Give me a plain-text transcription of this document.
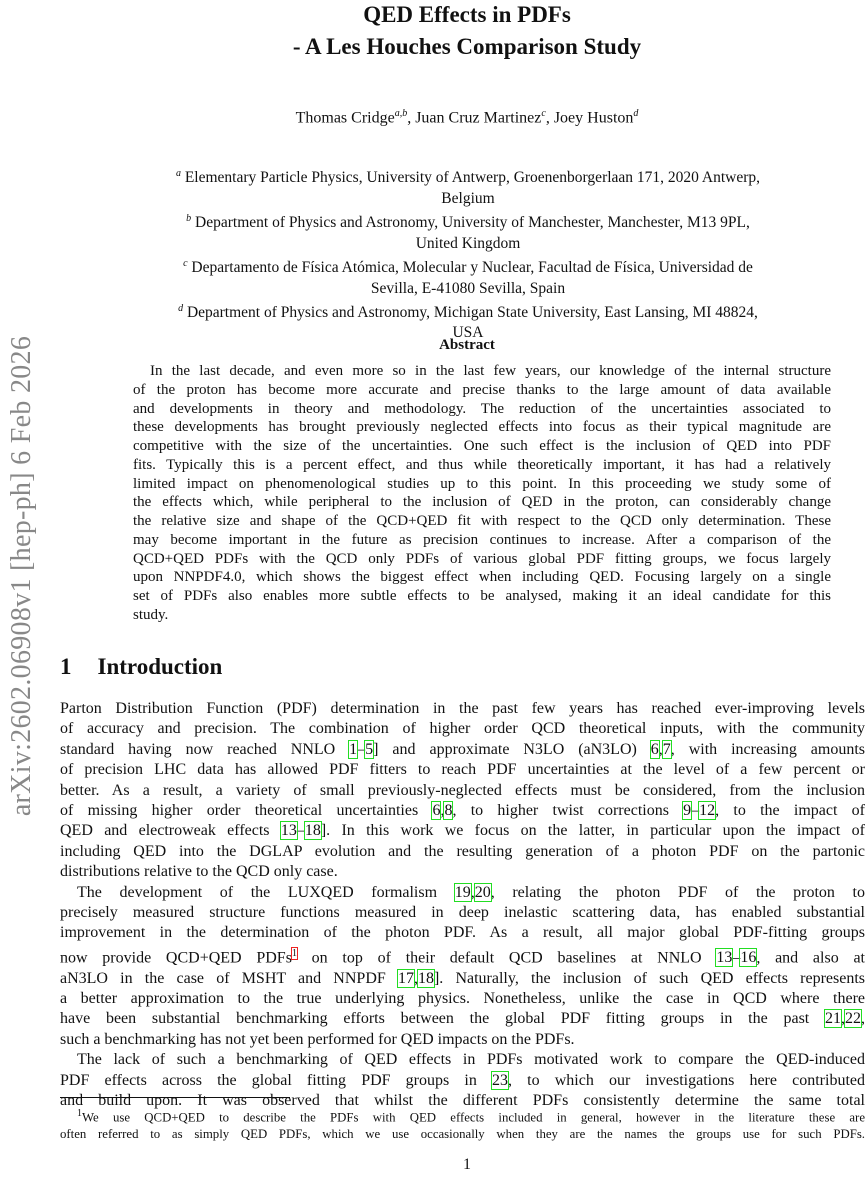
arXiv:2602.06908v1 [hep-ph] 6 Feb 2026
QED Effects in PDFs
- A Les Houches Comparison Study
Thomas Cridge$^{a,b}$, Juan Cruz Martinez$^c$, Joey Huston$^d$
$^a$ Elementary Particle Physics, University of Antwerp, Groenenborgerlaan 171, 2020 Antwerp,
Belgium
$^b$ Department of Physics and Astronomy, University of Manchester, Manchester, M13 9PL,
United Kingdom
$^c$ Departamento de Física Atómica, Molecular y Nuclear, Facultad de Física, Universidad de
Sevilla, E-41080 Sevilla, Spain
$^d$ Department of Physics and Astronomy, Michigan State University, East Lansing, MI 48824,
USA
Abstract
In the last decade, and even more so in the last few years, our knowledge of the internal structure
of the proton has become more accurate and precise thanks to the large amount of data available
and developments in theory and methodology. The reduction of the uncertainties associated to
these developments has brought previously neglected effects into focus as their typical magnitude are
competitive with the size of the uncertainties. One such effect is the inclusion of QED into PDF
fits. Typically this is a percent effect, and thus while theoretically important, it has had a relatively
limited impact on phenomenological studies up to this point. In this proceeding we study some of
the effects which, while peripheral to the inclusion of QED in the proton, can considerably change
the relative size and shape of the QCD+QED fit with respect to the QCD only determination. These
may become important in the future as precision continues to increase. After a comparison of the
QCD+QED PDFs with the QCD only PDFs of various global PDF fitting groups, we focus largely
upon NNPDF4.0, which shows the biggest effect when including QED. Focusing largely on a single
set of PDFs also enables more subtle effects to be analysed, making it an ideal candidate for this
study.
1 Introduction
Parton Distribution Function (PDF) determination in the past few years has reached ever-improving levels
of accuracy and precision. The combination of higher order QCD theoretical inputs, with the community
standard having now reached NNLO 1–5] and approximate N3LO (aN3LO) 6,7, with increasing amounts
of precision LHC data has allowed PDF fitters to reach PDF uncertainties at the level of a few percent or
better. As a result, a variety of small previously-neglected effects must be considered, from the inclusion
of missing higher order theoretical uncertainties 6,8, to higher twist corrections 9–12, to the impact of
QED and electroweak effects 13–18]. In this work we focus on the latter, in particular upon the impact of
including QED into the DGLAP evolution and the resulting generation of a photon PDF on the partonic
distributions relative to the QCD only case.
The development of the LUXQED formalism 19,20, relating the photon PDF of the proton to
precisely measured structure functions measured in deep inelastic scattering data, has enabled substantial
improvement in the determination of the photon PDF. As a result, all major global PDF-fitting groups
now provide QCD+QED PDFs$^1$ on top of their default QCD baselines at NNLO 13–16, and also at
aN3LO in the case of MSHT and NNPDF 17,18]. Naturally, the inclusion of such QED effects represents
a better approximation to the true underlying physics. Nonetheless, unlike the case in QCD where there
have been substantial benchmarking efforts between the global PDF fitting groups in the past 21,22,
such a benchmarking has not yet been performed for QED impacts on the PDFs.
The lack of such a benchmarking of QED effects in PDFs motivated work to compare the QED-induced
PDF effects across the global fitting PDF groups in 23, to which our investigations here contributed
and build upon. It was observed that whilst the different PDFs consistently determine the same total
$^1$We use QCD+QED to describe the PDFs with QED effects included in general, however in the literature these are
often referred to as simply QED PDFs, which we use occasionally when they are the names the groups use for such PDFs.
1
